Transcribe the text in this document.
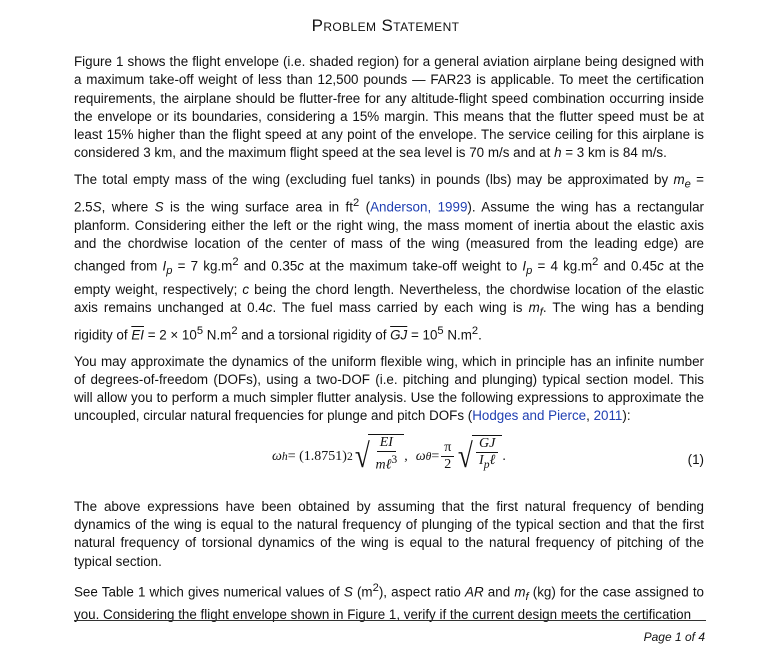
Problem Statement

Figure 1 shows the flight envelope (i.e. shaded region) for a general aviation airplane being designed with a maximum take-off weight of less than 12,500 pounds — FAR23 is applicable. To meet the certification requirements, the airplane should be flutter-free for any altitude-flight speed combination occurring inside the envelope or its boundaries, considering a 15% margin. This means that the flutter speed must be at least 15% higher than the flight speed at any point of the envelope. The service ceiling for this airplane is considered 3 km, and the maximum flight speed at the sea level is 70 m/s and at h = 3 km is 84 m/s.

The total empty mass of the wing (excluding fuel tanks) in pounds (lbs) may be approximated by $m_e = 2.5S$, where S is the wing surface area in $ft^2$ (Anderson, 1999). Assume the wing has a rectangular planform. Considering either the left or the right wing, the mass moment of inertia about the elastic axis and the chordwise location of the center of mass of the wing (measured from the leading edge) are changed from $I_p = 7$ $kg.m^2$ and 0.35c at the maximum take-off weight to $I_p = 4$ $kg.m^2$ and 0.45c at the empty weight, respectively; c being the chord length. Nevertheless, the chordwise location of the elastic axis remains unchanged at 0.4c. The fuel mass carried by each wing is $m_f$. The wing has a bending rigidity of $\overline{EI} = 2 \times 10^5$ $N.m^2$ and a torsional rigidity of $\overline{GJ} = 10^5$ $N.m^2$.

You may approximate the dynamics of the uniform flexible wing, which in principle has an infinite number of degrees-of-freedom (DOFs), using a two-DOF (i.e. pitching and plunging) typical section model. This will allow you to perform a much simpler flutter analysis. Use the following expressions to approximate the uncoupled, circular natural frequencies for plunge and pitch DOFs (Hodges and Pierce, 2011):

ω h = (1.8751) 2 √ $\frac{EI}{m\ell^3}$ , ω $\theta = \frac{\pi}{2}$ √ $\frac{GJ}{I_p\ell}$ .	(1)

The above expressions have been obtained by assuming that the first natural frequency of bending dynamics of the wing is equal to the natural frequency of plunging of the typical section and that the first natural frequency of torsional dynamics of the wing is equal to the natural frequency of pitching of the typical section.

See Table 1 which gives numerical values of S $(m^2)$, aspect ratio AR and $m_f$ (kg) for the case assigned to you. Considering the flight envelope shown in Figure 1, verify if the current design meets the certification

Page 1 of 4
